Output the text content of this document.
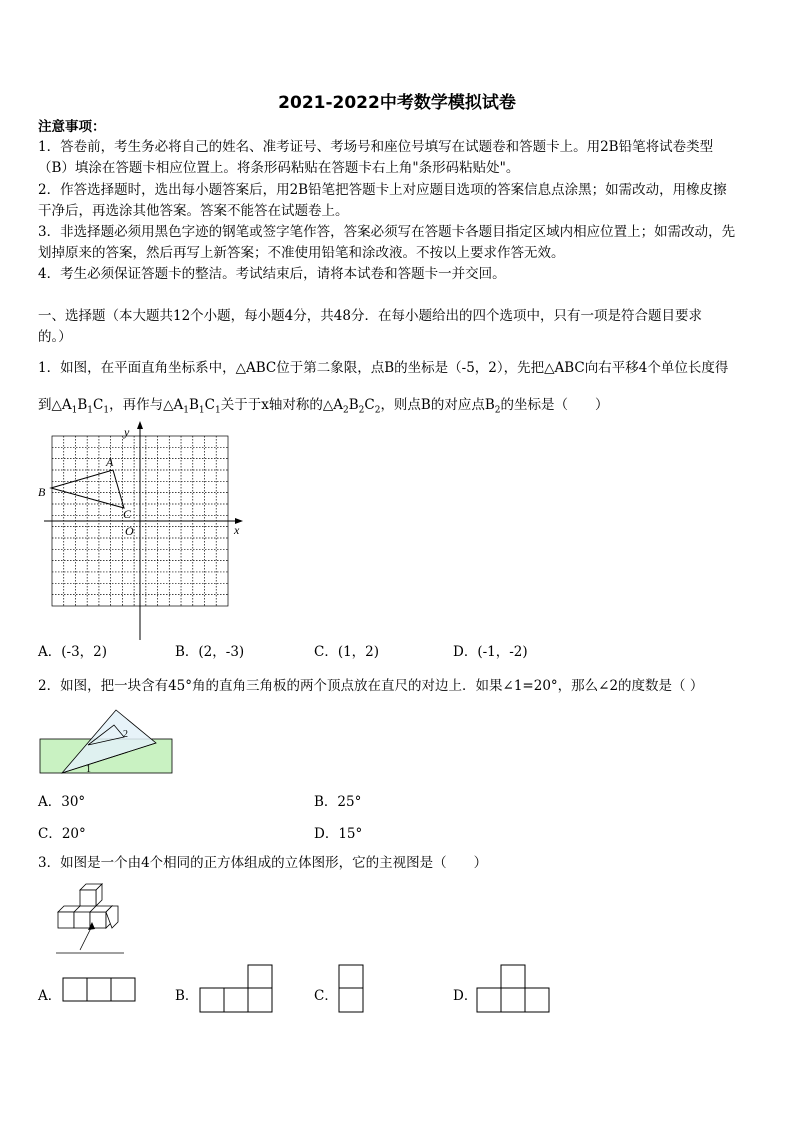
2021-2022中考数学模拟试卷
注意事项：
1．答卷前，考生务必将自己的姓名、准考证号、考场号和座位号填写在试题卷和答题卡上。用2B铅笔将试卷类型
（B）填涂在答题卡相应位置上。将条形码粘贴在答题卡右上角"条形码粘贴处"。
2．作答选择题时，选出每小题答案后，用2B铅笔把答题卡上对应题目选项的答案信息点涂黑；如需改动，用橡皮擦
干净后，再选涂其他答案。答案不能答在试题卷上。
3．非选择题必须用黑色字迹的钢笔或签字笔作答，答案必须写在答题卡各题目指定区域内相应位置上；如需改动，先
划掉原来的答案，然后再写上新答案；不准使用铅笔和涂改液。不按以上要求作答无效。
4．考生必须保证答题卡的整洁。考试结束后，请将本试卷和答题卡一并交回。
一、选择题（本大题共12个小题，每小题4分，共48分．在每小题给出的四个选项中，只有一项是符合题目要求
的。）
1．如图，在平面直角坐标系中，△ABC位于第二象限，点B的坐标是（-5，2），先把△ABC向右平移4个单位长度得
到$\triangle A_1B_1C_1$，再作与$\triangle A_1B_1C_1$关于于x轴对称的$\triangle A_2B_2C_2$，则点B的对应点$B_2$的坐标是（　　）
y
x
A
B
C
O
A．(-3，2)	B．(2，-3)	C．(1，2)	D．(-1，-2)
2．如图，把一块含有45°角的直角三角板的两个顶点放在直尺的对边上．如果∠1=20°，那么∠2的度数是（ ）
1
2
A．30°	B．25°
C．20°	D．15°
3．如图是一个由4个相同的正方体组成的立体图形，它的主视图是（　　）
A．	B．	C．	D．
